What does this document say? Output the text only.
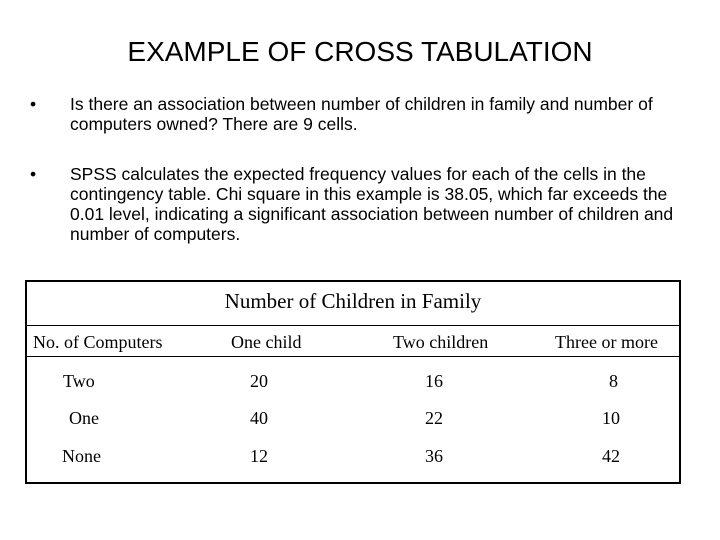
EXAMPLE OF CROSS TABULATION
•	Is there an association between number of children in family and number of computers owned? There are 9 cells.
•	SPSS calculates the expected frequency values for each of the cells in the contingency table. Chi square in this example is 38.05, which far exceeds the 0.01 level, indicating a significant association between number of children and number of computers.
Number of Children in Family
No. of Computers	One child	Two children	Three or more
Two	20	16	8
One	40	22	10
None	12	36	42
